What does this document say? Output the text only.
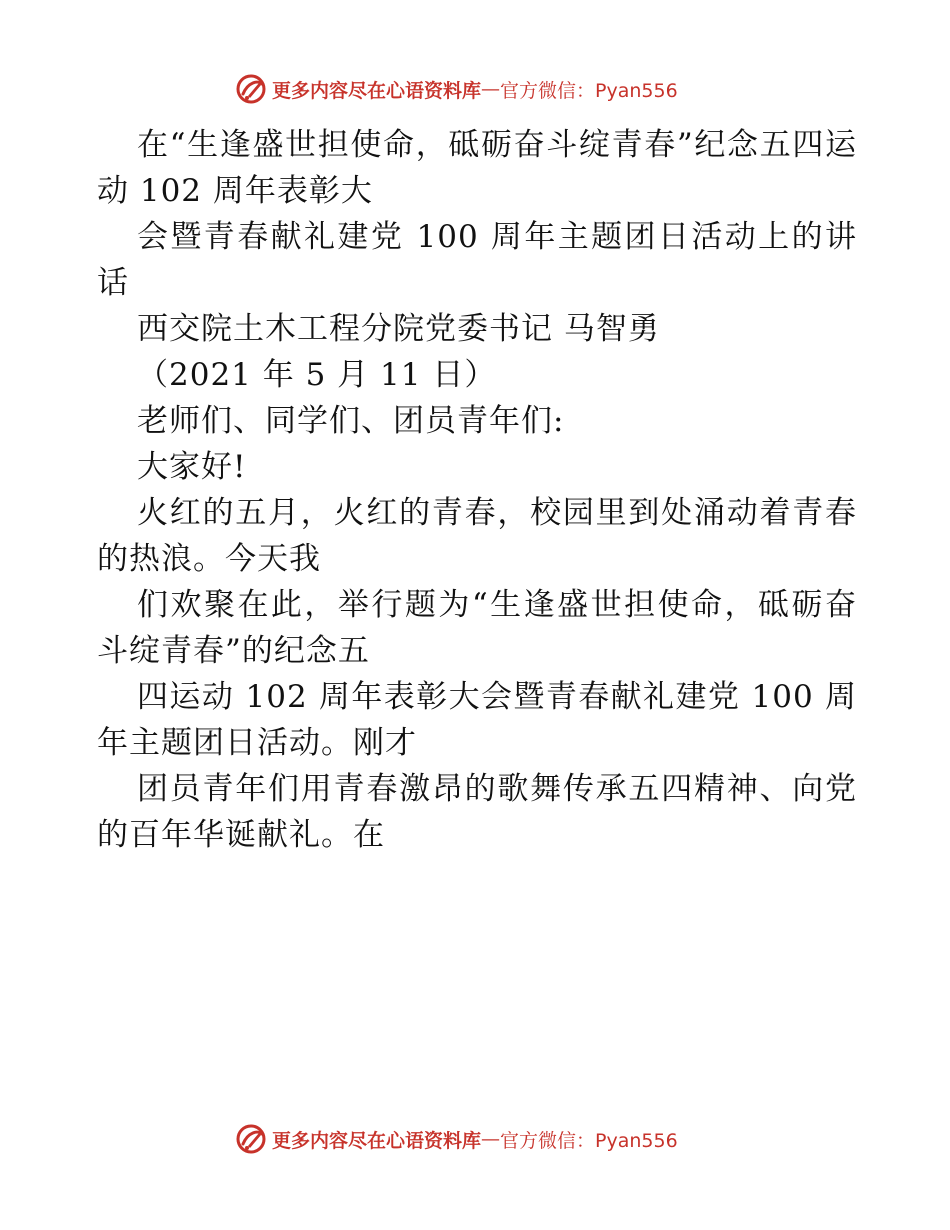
更多内容尽在心语资料库 — 官方微信：Pyan556

在“生逢盛世担使命，砥砺奋斗绽青春”纪念五四运动 102 周年表彰大

会暨青春献礼建党 100 周年主题团日活动上的讲话

西交院土木工程分院党委书记 马智勇

（2021 年 5 月 11 日）

老师们、同学们、团员青年们:

大家好!

火红的五月，火红的青春，校园里到处涌动着青春的热浪。今天我

们欢聚在此，举行题为“生逢盛世担使命，砥砺奋斗绽青春”的纪念五

四运动 102 周年表彰大会暨青春献礼建党 100 周年主题团日活动。刚才

团员青年们用青春激昂的歌舞传承五四精神、向党的百年华诞献礼。在

更多内容尽在心语资料库 — 官方微信：Pyan556
